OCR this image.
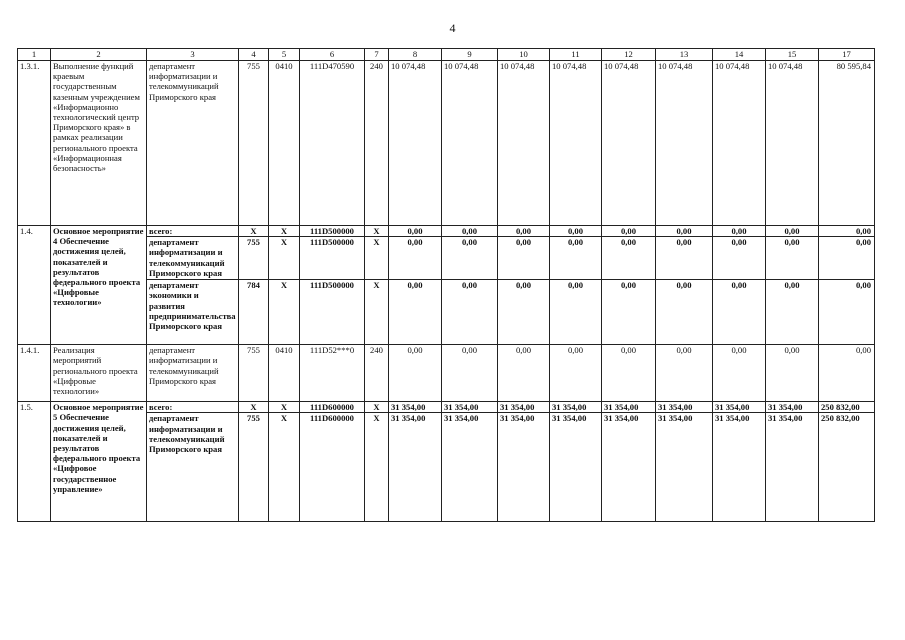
4
1	2	3	4	5	6	7	8	9	10	11	12	13	14	15	17
1.3.1.	Выполнение функций краевым государственным казенным учреждением «Информационно технологический центр Приморского края» в рамках реализации регионального проекта «Информационная безопасность»	департамент информатизации и телекоммуникаций Приморского края	755	0410	111D470590	240	10 074,48	10 074,48	10 074,48	10 074,48	10 074,48	10 074,48	10 074,48	10 074,48	80 595,84
1.4.	Основное мероприятие 4 Обеспечение достижения целей, показателей и результатов федерального проекта «Цифровые технологии»	всего:	X	X	111D500000	X	0,00	0,00	0,00	0,00	0,00	0,00	0,00	0,00	0,00
		департамент информатизации и телекоммуникаций Приморского края	755	X	111D500000	X	0,00	0,00	0,00	0,00	0,00	0,00	0,00	0,00	0,00
		департамент экономики и развития предпринимательства Приморского края	784	X	111D500000	X	0,00	0,00	0,00	0,00	0,00	0,00	0,00	0,00	0,00
1.4.1.	Реализация мероприятий регионального проекта «Цифровые технологии»	департамент информатизации и телекоммуникаций Приморского края	755	0410	111D52***0	240	0,00	0,00	0,00	0,00	0,00	0,00	0,00	0,00	0,00
1.5.	Основное мероприятие 5 Обеспечение достижения целей, показателей и результатов федерального проекта «Цифровое государственное управление»	всего:	X	X	111D600000	X	31 354,00	31 354,00	31 354,00	31 354,00	31 354,00	31 354,00	31 354,00	31 354,00	250 832,00
		департамент информатизации и телекоммуникаций Приморского края	755	X	111D600000	X	31 354,00	31 354,00	31 354,00	31 354,00	31 354,00	31 354,00	31 354,00	31 354,00	250 832,00
